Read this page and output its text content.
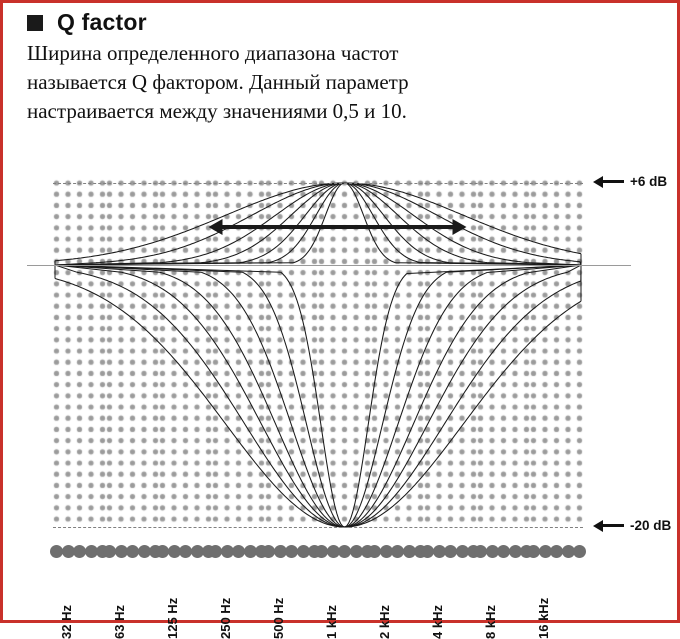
Q factor
Ширина определенного диапазона частот
называется Q фактором. Данный параметр
настраивается между значениями 0,5 и 10.
+6 dB
-20 dB
32 Hz	63 Hz	125 Hz	250 Hz	500 Hz	1 kHz	2 kHz	4 kHz	8 kHz	16 kHz
